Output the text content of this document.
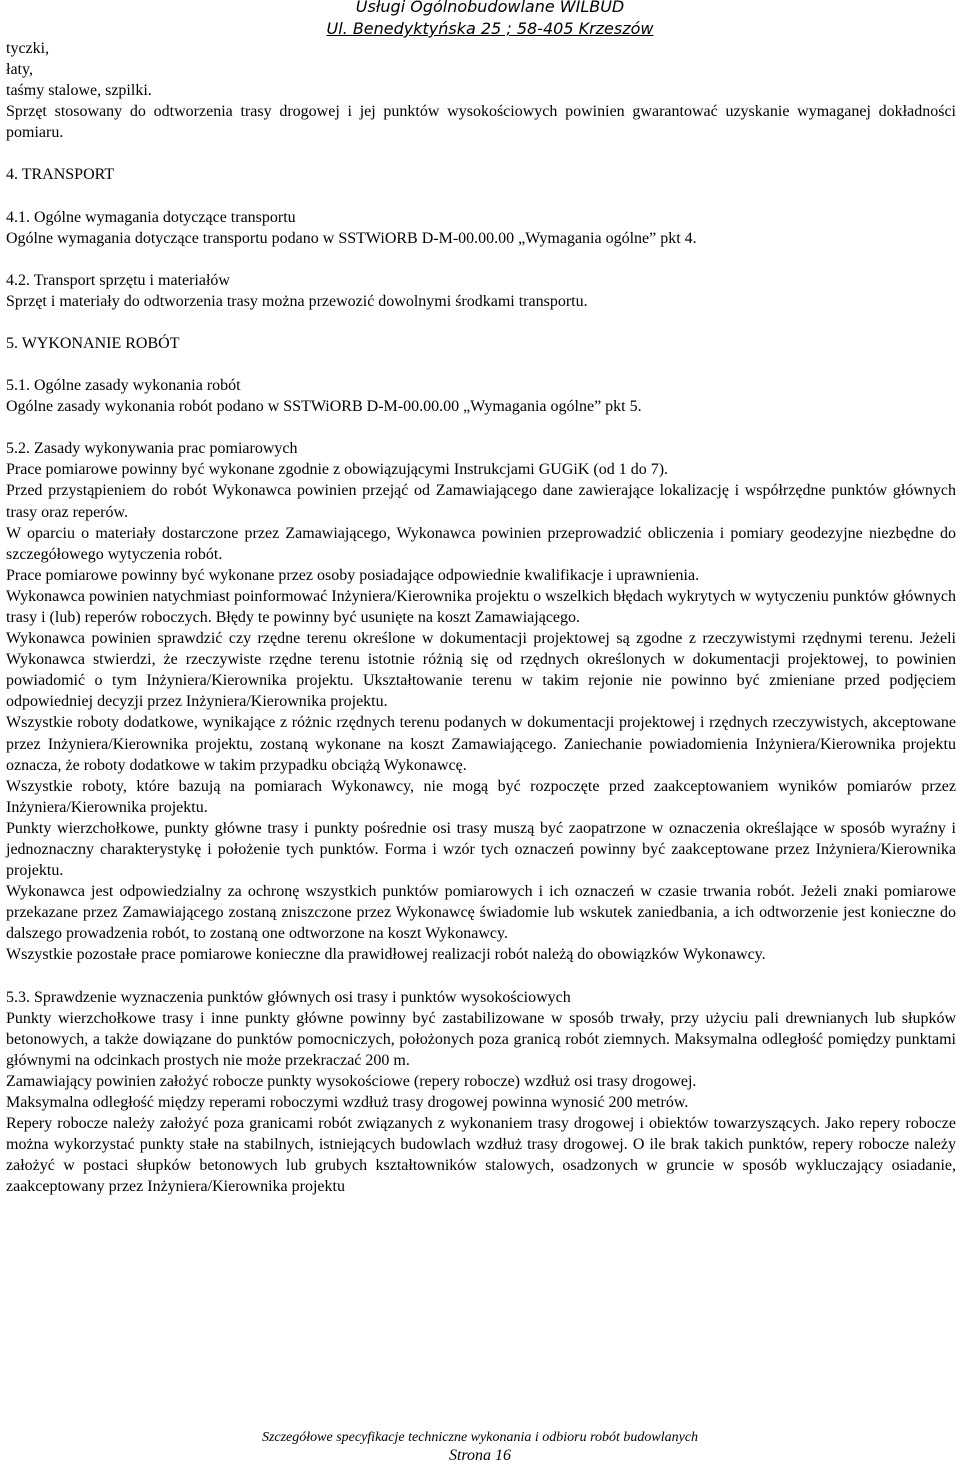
Usługi Ogólnobudowlane WILBUD
Ul. Benedyktyńska 25 ; 58-405 Krzeszów

tyczki,

łaty,

taśmy stalowe, szpilki.

Sprzęt stosowany do odtworzenia trasy drogowej i jej punktów wysokościowych powinien gwarantować uzyskanie wymaganej dokładności pomiaru.

4. TRANSPORT

4.1. Ogólne wymagania dotyczące transportu

Ogólne wymagania dotyczące transportu podano w SSTWiORB D-M-00.00.00 „Wymagania ogólne” pkt 4.

4.2. Transport sprzętu i materiałów

Sprzęt i materiały do odtworzenia trasy można przewozić dowolnymi środkami transportu.

5. WYKONANIE ROBÓT

5.1. Ogólne zasady wykonania robót

Ogólne zasady wykonania robót podano w SSTWiORB D-M-00.00.00 „Wymagania ogólne” pkt 5.

5.2. Zasady wykonywania prac pomiarowych

Prace pomiarowe powinny być wykonane zgodnie z obowiązującymi Instrukcjami GUGiK (od 1 do 7).

Przed przystąpieniem do robót Wykonawca powinien przejąć od Zamawiającego dane zawierające lokalizację i współrzędne punktów głównych trasy oraz reperów.

W oparciu o materiały dostarczone przez Zamawiającego, Wykonawca powinien przeprowadzić obliczenia i pomiary geodezyjne niezbędne do szczegółowego wytyczenia robót.

Prace pomiarowe powinny być wykonane przez osoby posiadające odpowiednie kwalifikacje i uprawnienia.

Wykonawca powinien natychmiast poinformować Inżyniera/Kierownika projektu o wszelkich błędach wykrytych w wytyczeniu punktów głównych trasy i (lub) reperów roboczych. Błędy te powinny być usunięte na koszt Zamawiającego.

Wykonawca powinien sprawdzić czy rzędne terenu określone w dokumentacji projektowej są zgodne z rzeczywistymi rzędnymi terenu. Jeżeli Wykonawca stwierdzi, że rzeczywiste rzędne terenu istotnie różnią się od rzędnych określonych w dokumentacji projektowej, to powinien powiadomić o tym Inżyniera/Kierownika projektu. Ukształtowanie terenu w takim rejonie nie powinno być zmieniane przed podjęciem odpowiedniej decyzji przez Inżyniera/Kierownika projektu.

Wszystkie roboty dodatkowe, wynikające z różnic rzędnych terenu podanych w dokumentacji projektowej i rzędnych rzeczywistych, akceptowane przez Inżyniera/Kierownika projektu, zostaną wykonane na koszt Zamawiającego. Zaniechanie powiadomienia Inżyniera/Kierownika projektu oznacza, że roboty dodatkowe w takim przypadku obciążą Wykonawcę.

Wszystkie roboty, które bazują na pomiarach Wykonawcy, nie mogą być rozpoczęte przed zaakceptowaniem wyników pomiarów przez Inżyniera/Kierownika projektu.

Punkty wierzchołkowe, punkty główne trasy i punkty pośrednie osi trasy muszą być zaopatrzone w oznaczenia określające w sposób wyraźny i jednoznaczny charakterystykę i położenie tych punktów. Forma i wzór tych oznaczeń powinny być zaakceptowane przez Inżyniera/Kierownika projektu.

Wykonawca jest odpowiedzialny za ochronę wszystkich punktów pomiarowych i ich oznaczeń w czasie trwania robót. Jeżeli znaki pomiarowe przekazane przez Zamawiającego zostaną zniszczone przez Wykonawcę świadomie lub wskutek zaniedbania, a ich odtworzenie jest konieczne do dalszego prowadzenia robót, to zostaną one odtworzone na koszt Wykonawcy.

Wszystkie pozostałe prace pomiarowe konieczne dla prawidłowej realizacji robót należą do obowiązków Wykonawcy.

5.3. Sprawdzenie wyznaczenia punktów głównych osi trasy i punktów wysokościowych

Punkty wierzchołkowe trasy i inne punkty główne powinny być zastabilizowane w sposób trwały, przy użyciu pali drewnianych lub słupków betonowych, a także dowiązane do punktów pomocniczych, położonych poza granicą robót ziemnych. Maksymalna odległość pomiędzy punktami głównymi na odcinkach prostych nie może przekraczać 200 m.

Zamawiający powinien założyć robocze punkty wysokościowe (repery robocze) wzdłuż osi trasy drogowej.

Maksymalna odległość między reperami roboczymi wzdłuż trasy drogowej powinna wynosić 200 metrów.

Repery robocze należy założyć poza granicami robót związanych z wykonaniem trasy drogowej i obiektów towarzyszących. Jako repery robocze można wykorzystać punkty stałe na stabilnych, istniejących budowlach wzdłuż trasy drogowej. O ile brak takich punktów, repery robocze należy założyć w postaci słupków betonowych lub grubych kształtowników stalowych, osadzonych w gruncie w sposób wykluczający osiadanie, zaakceptowany przez Inżyniera/Kierownika projektu

Szczegółowe specyfikacje techniczne wykonania i odbioru robót budowlanych
Strona 16
